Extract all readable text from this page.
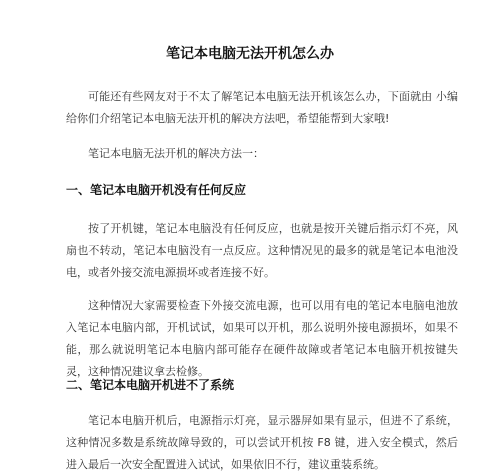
笔记本电脑无法开机怎么办

可能还有些网友对于不太了解笔记本电脑无法开机该怎么办，下面就由 小编给你们介绍笔记本电脑无法开机的解决方法吧，希望能帮到大家哦!

笔记本电脑无法开机的解决方法一：

一、笔记本电脑开机没有任何反应

按了开机键，笔记本电脑没有任何反应，也就是按开关键后指示灯不亮，风扇也不转动，笔记本电脑没有一点反应。这种情况见的最多的就是笔记本电池没电，或者外接交流电源损坏或者连接不好。

这种情况大家需要检查下外接交流电源，也可以用有电的笔记本电脑电池放入笔记本电脑内部，开机试试，如果可以开机，那么说明外接电源损坏，如果不能，那么就说明笔记本电脑内部可能存在硬件故障或者笔记本电脑开机按键失灵，这种情况建议拿去检修。

二、笔记本电脑开机进不了系统

笔记本电脑开机后，电源指示灯亮，显示器屏如果有显示，但进不了系统，这种情况多数是系统故障导致的，可以尝试开机按 F8 键，进入安全模式，然后进入最后一次安全配置进入试试，如果依旧不行，建议重装系统。
